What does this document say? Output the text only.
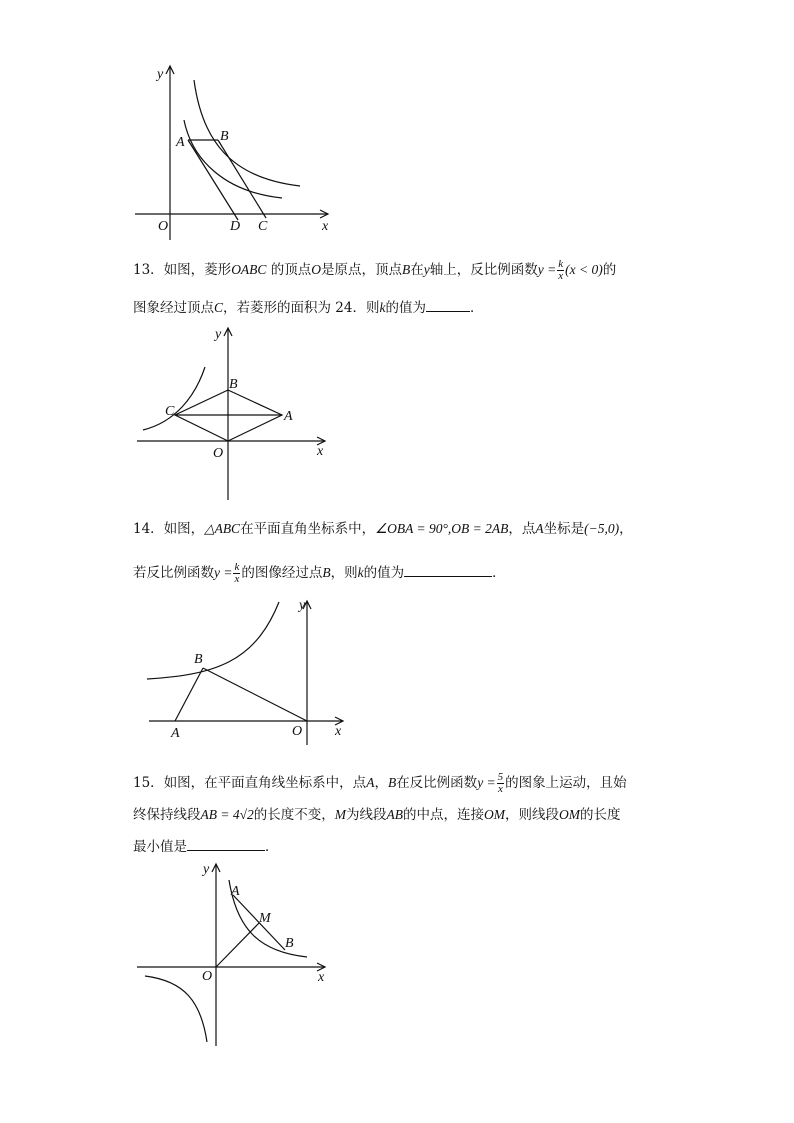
y
x
O
A	B
C
D
13．如图，菱形OABC 的顶点O是原点，顶点B在y轴上，反比例函数$y = \frac{k}{x} (x < 0)$的
图象经过顶点C，若菱形的面积为 24．则k的值为	．
y
x
O
A
B
C
14．如图，△ABC在平面直角坐标系中，∠OBA = 90°,OB = 2AB，点A坐标是(−5,0)，
若反比例函数$y = \frac{k}{x}$ 的图像经过点B，则k的值为	．
y
x
O
A
B
15．如图，在平面直角线坐标系中，点A，B在反比例函数$y = \frac{5}{x}$ 的图象上运动，且始
终保持线段AB = 4√2的长度不变，M为线段AB的中点，连接OM，则线段OM的长度
最小值是	．
y
x
O
A
B
M
